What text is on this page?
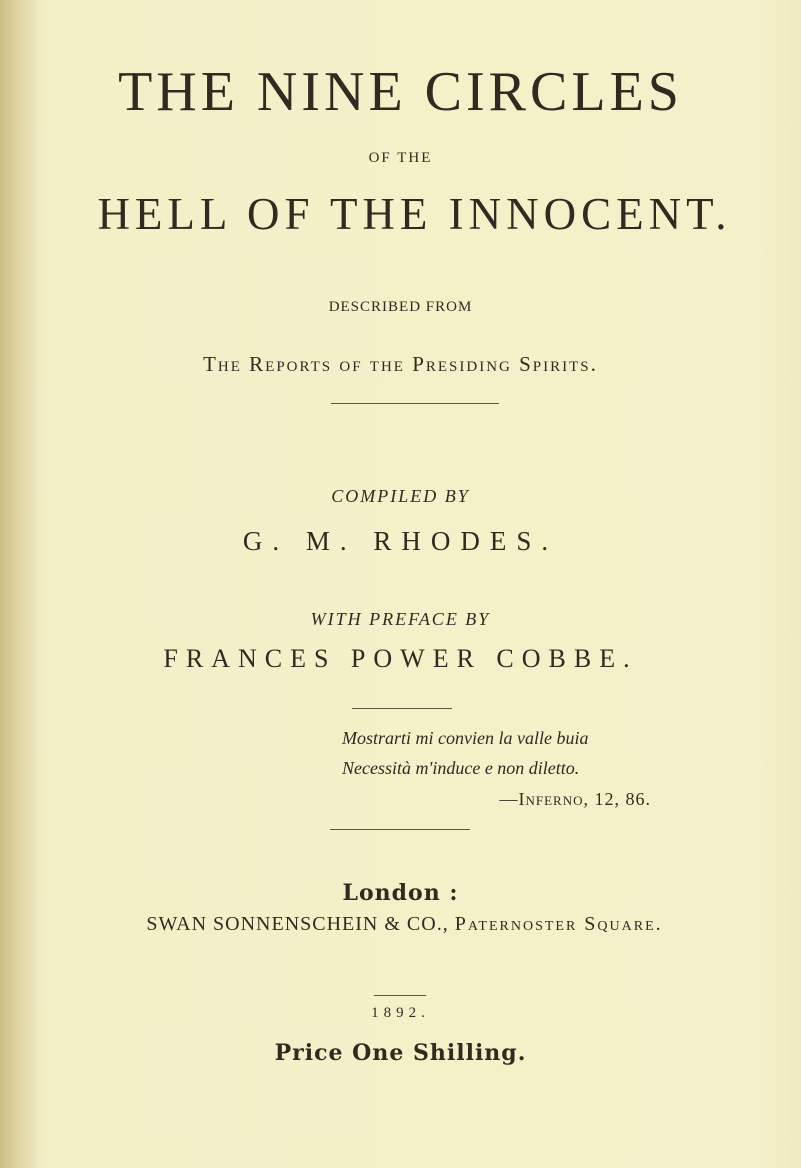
THE NINE CIRCLES
OF THE
HELL OF THE INNOCENT.
DESCRIBED FROM
The Reports of the Presiding Spirits.
COMPILED BY
G. M. RHODES.
WITH PREFACE BY
FRANCES POWER COBBE.
Mostrarti mi convien la valle buia
Necessità m'induce e non diletto.
—Inferno, 12, 86.
London :
SWAN SONNENSCHEIN & CO., Paternoster Square.
1892.
Price One Shilling.
